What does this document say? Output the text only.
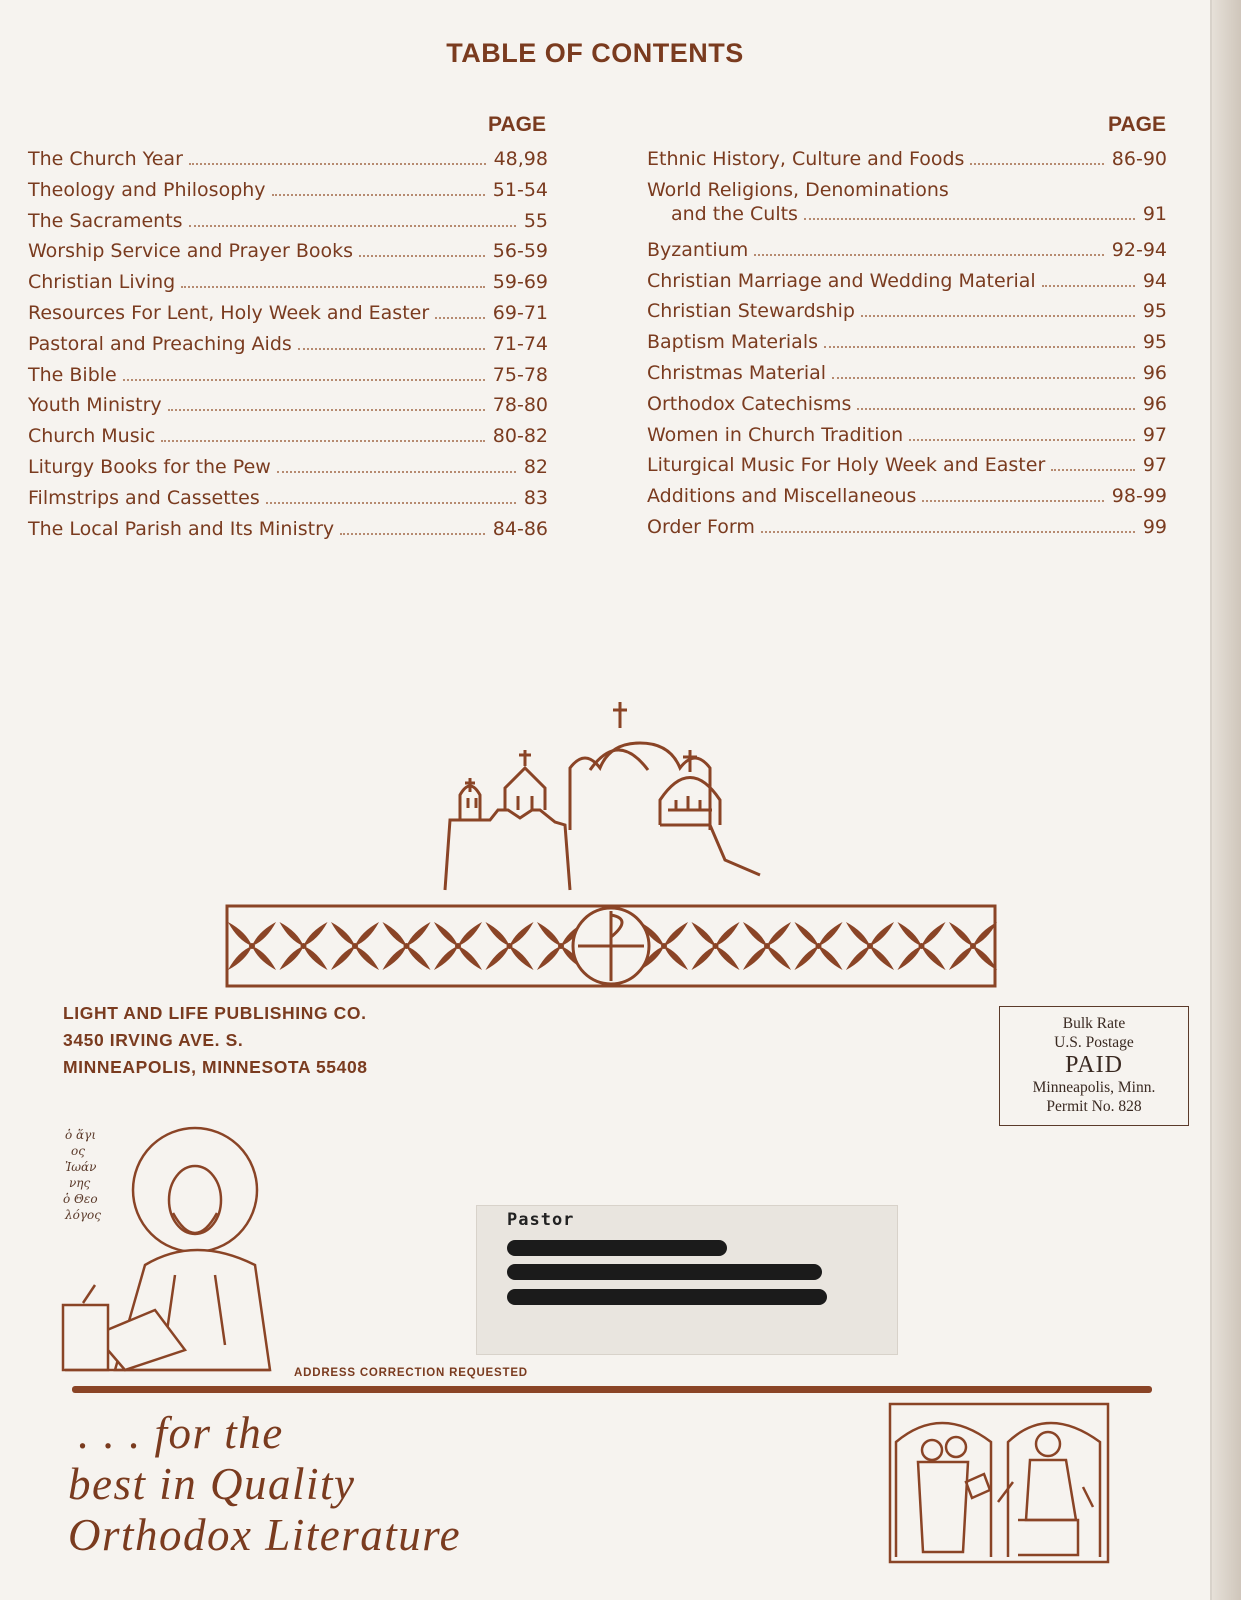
TABLE OF CONTENTS
PAGE	PAGE
The Church Year	48,98
Theology and Philosophy	51-54
The Sacraments	55
Worship Service and Prayer Books	56-59
Christian Living	59-69
Resources For Lent, Holy Week and Easter	69-71
Pastoral and Preaching Aids	71-74
The Bible	75-78
Youth Ministry	78-80
Church Music	80-82
Liturgy Books for the Pew	82
Filmstrips and Cassettes	83
The Local Parish and Its Ministry	84-86
Ethnic History, Culture and Foods	86-90
World Religions, Denominations
and the Cults	91
Byzantium	92-94
Christian Marriage and Wedding Material	94
Christian Stewardship	95
Baptism Materials	95
Christmas Material	96
Orthodox Catechisms	96
Women in Church Tradition	97
Liturgical Music For Holy Week and Easter	97
Additions and Miscellaneous	98-99
Order Form	99
LIGHT AND LIFE PUBLISHING CO.
3450 IRVING AVE. S.
MINNEAPOLIS, MINNESOTA 55408
Bulk Rate
U.S. Postage
PAID
Minneapolis, Minn.
Permit No. 828
ὁ ἅγι
ος
Ἰωάν
νης
ὁ Θεο
λόγος	Pastor
ADDRESS CORRECTION REQUESTED
. . . for the
best in Quality
Orthodox Literature
